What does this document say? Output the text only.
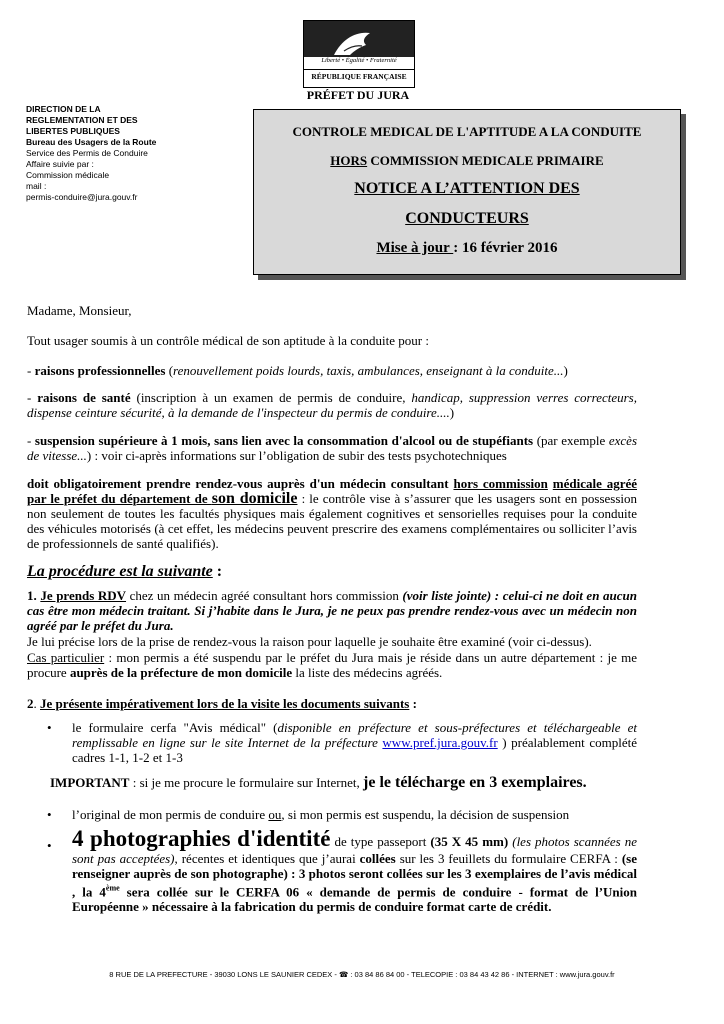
Liberté • Égalité • Fraternité
RÉPUBLIQUE FRANÇAISE
PRÉFET DU JURA
DIRECTION DE LA
REGLEMENTATION ET DES
LIBERTES PUBLIQUES
Bureau des Usagers de la Route
Service des Permis de Conduire
Affaire suivie par :
Commission médicale
mail :
permis-conduire@jura.gouv.fr
CONTROLE MEDICAL DE L'APTITUDE A LA CONDUITE
HORS COMMISSION MEDICALE PRIMAIRE
NOTICE A L’ATTENTION DES
CONDUCTEURS
Mise à jour : 16 février 2016
Madame, Monsieur,
Tout usager soumis à un contrôle médical de son aptitude à la conduite pour :
- raisons professionnelles (renouvellement poids lourds, taxis, ambulances, enseignant à la conduite...)
- raisons de santé (inscription à un examen de permis de conduire, handicap, suppression verres correcteurs, dispense ceinture sécurité, à la demande de l'inspecteur du permis de conduire....)
- suspension supérieure à 1 mois, sans lien avec la consommation d'alcool ou de stupéfiants (par exemple excès de vitesse...) : voir ci-après informations sur l’obligation de subir des tests psychotechniques
doit obligatoirement prendre rendez-vous auprès d'un médecin consultant hors commission médicale agréé par le préfet du département de son domicile : le contrôle vise à s’assurer que les usagers sont en possession non seulement de toutes les facultés physiques mais également cognitives et sensorielles requises pour la conduite des véhicules motorisés (à cet effet, les médecins peuvent prescrire des examens complémentaires ou solliciter l’avis de professionnels de santé qualifiés).
La procédure est la suivante :
1. Je prends RDV chez un médecin agréé consultant hors commission (voir liste jointe) : celui-ci ne doit en aucun cas être mon médecin traitant. Si j’habite dans le Jura, je ne peux pas prendre rendez-vous avec un médecin non agréé par le préfet du Jura.
Je lui précise lors de la prise de rendez-vous la raison pour laquelle je souhaite être examiné (voir ci-dessus).
Cas particulier : mon permis a été suspendu par le préfet du Jura mais je réside dans un autre département : je me procure auprès de la préfecture de mon domicile la liste des médecins agréés.
2. Je présente impérativement lors de la visite les documents suivants :
• le formulaire cerfa "Avis médical" (disponible en préfecture et sous-préfectures et téléchargeable et remplissable en ligne sur le site Internet de la préfecture www.pref.jura.gouv.fr ) préalablement complété cadres 1-1, 1-2 et 1-3
IMPORTANT : si je me procure le formulaire sur Internet, je le télécharge en 3 exemplaires.
• l’original de mon permis de conduire ou, si mon permis est suspendu, la décision de suspension
• 4 photographies d'identité de type passeport (35 X 45 mm) (les photos scannées ne sont pas acceptées), récentes et identiques que j’aurai collées sur les 3 feuillets du formulaire CERFA : (se renseigner auprès de son photographe) : 3 photos seront collées sur les 3 exemplaires de l’avis médical , la 4ème sera collée sur le CERFA 06 « demande de permis de conduire - format de l’Union Européenne » nécessaire à la fabrication du permis de conduire format carte de crédit.
8 RUE DE LA PREFECTURE - 39030 LONS LE SAUNIER CEDEX - ☎ : 03 84 86 84 00 - TELECOPIE : 03 84 43 42 86 - INTERNET : www.jura.gouv.fr
